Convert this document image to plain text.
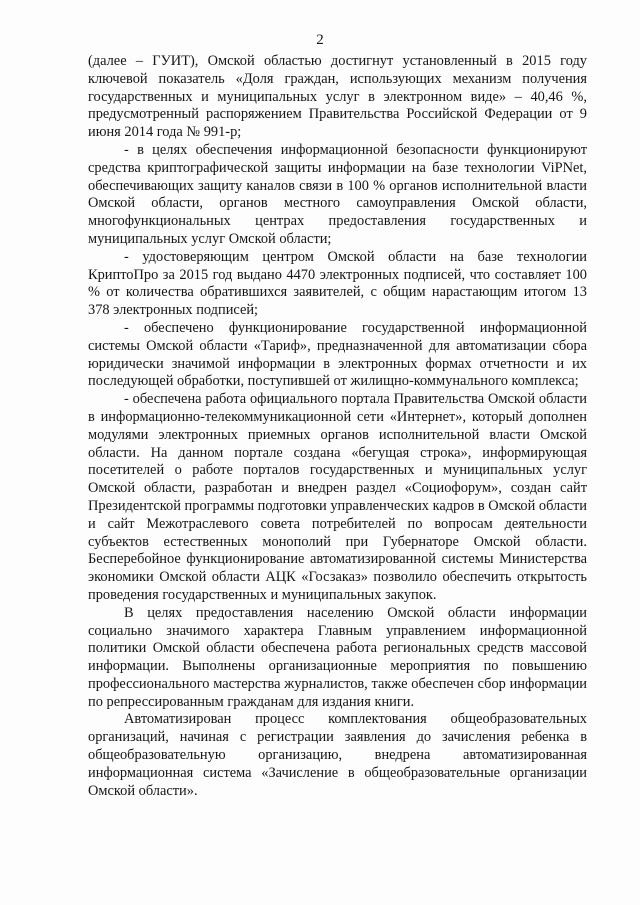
2

(далее – ГУИТ), Омской областью достигнут установленный в 2015 году ключевой показатель «Доля граждан, использующих механизм получения государственных и муниципальных услуг в электронном виде» – 40,46 %, предусмотренный распоряжением Правительства Российской Федерации от 9 июня 2014 года № 991-р;

- в целях обеспечения информационной безопасности функционируют средства криптографической защиты информации на базе технологии ViPNet, обеспечивающих защиту каналов связи в 100 % органов исполнительной власти Омской области, органов местного самоуправления Омской области, многофункциональных центрах предоставления государственных и муниципальных услуг Омской области;

- удостоверяющим центром Омской области на базе технологии КриптоПро за 2015 год выдано 4470 электронных подписей, что составляет 100 % от количества обратившихся заявителей, с общим нарастающим итогом 13 378 электронных подписей;

- обеспечено функционирование государственной информационной системы Омской области «Тариф», предназначенной для автоматизации сбора юридически значимой информации в электронных формах отчетности и их последующей обработки, поступившей от жилищно-коммунального комплекса;

- обеспечена работа официального портала Правительства Омской области в информационно-телекоммуникационной сети «Интернет», который дополнен модулями электронных приемных органов исполнительной власти Омской области. На данном портале создана «бегущая строка», информирующая посетителей о работе порталов государственных и муниципальных услуг Омской области, разработан и внедрен раздел «Социофорум», создан сайт Президентской программы подготовки управленческих кадров в Омской области и сайт Межотраслевого совета потребителей по вопросам деятельности субъектов естественных монополий при Губернаторе Омской области. Бесперебойное функционирование автоматизированной системы Министерства экономики Омской области АЦК «Госзаказ» позволило обеспечить открытость проведения государственных и муниципальных закупок.

В целях предоставления населению Омской области информации социально значимого характера Главным управлением информационной политики Омской области обеспечена работа региональных средств массовой информации. Выполнены организационные мероприятия по повышению профессионального мастерства журналистов, также обеспечен сбор информации по репрессированным гражданам для издания книги.

Автоматизирован процесс комплектования общеобразовательных организаций, начиная с регистрации заявления до зачисления ребенка в общеобразовательную организацию, внедрена автоматизированная информационная система «Зачисление в общеобразовательные организации Омской области».
